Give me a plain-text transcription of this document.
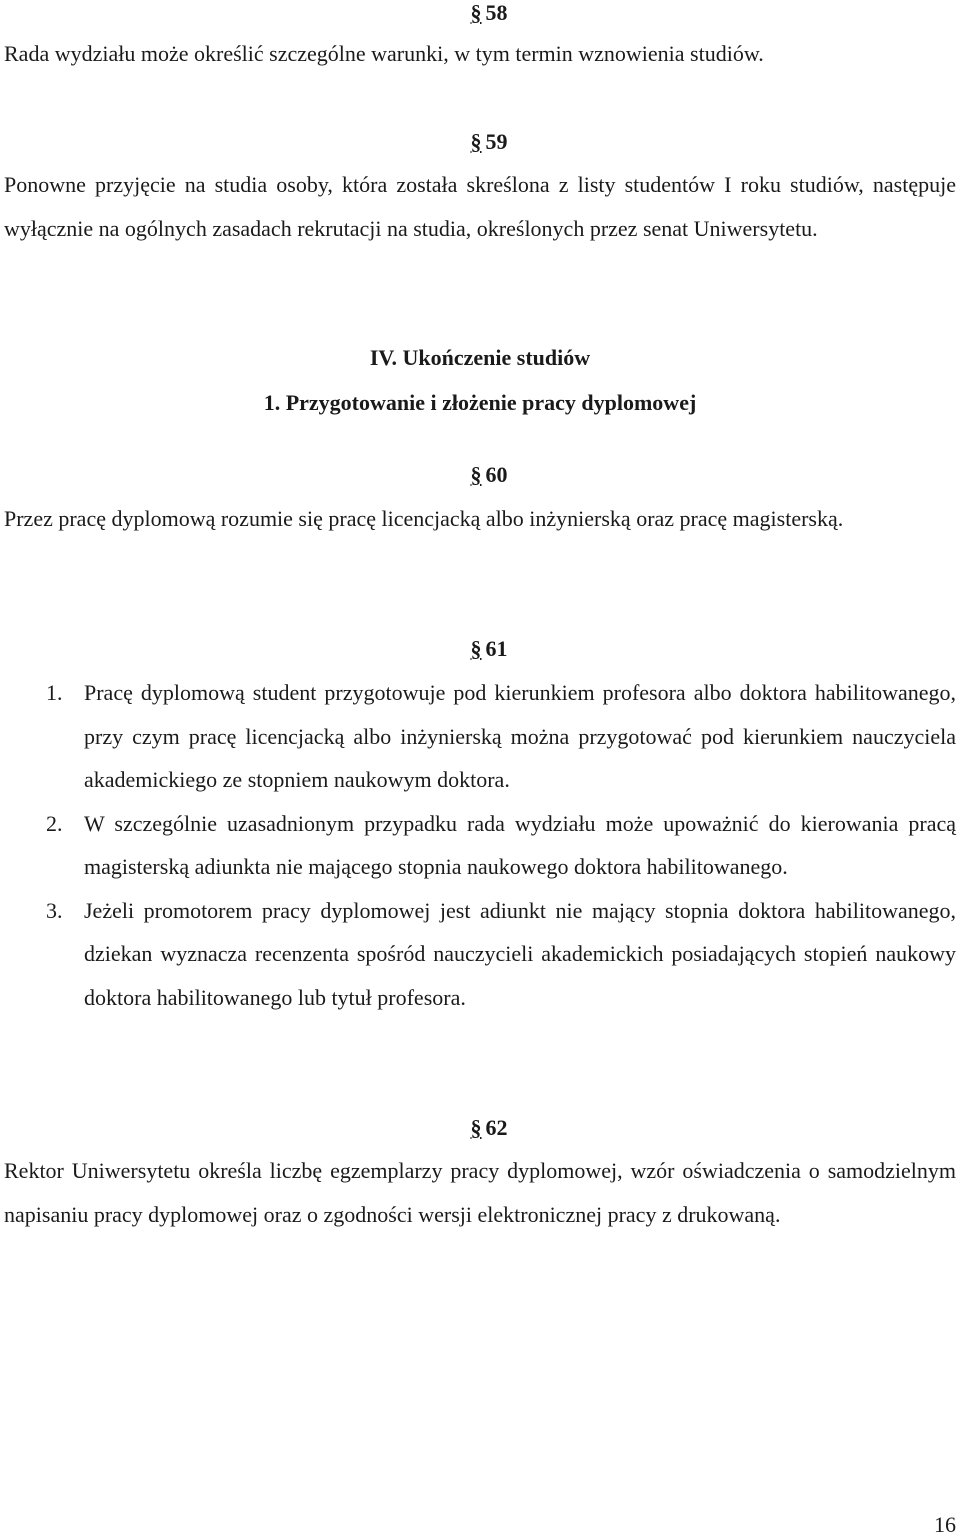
§ 58

Rada wydziału może określić szczególne warunki, w tym termin wznowienia studiów.

§ 59

Ponowne przyjęcie na studia osoby, która została skreślona z listy studentów I roku studiów, następuje wyłącznie na ogólnych zasadach rekrutacji na studia, określonych przez senat Uniwersytetu.

IV. Ukończenie studiów
1. Przygotowanie i złożenie pracy dyplomowej
§ 60

Przez pracę dyplomową rozumie się pracę licencjacką albo inżynierską oraz pracę magisterską.

§ 61
1. Pracę dyplomową student przygotowuje pod kierunkiem profesora albo doktora habilitowanego, przy czym pracę licencjacką albo inżynierską można przygotować pod kierunkiem nauczyciela akademickiego ze stopniem naukowym doktora.
2. W szczególnie uzasadnionym przypadku rada wydziału może upoważnić do kierowania pracą magisterską adiunkta nie mającego stopnia naukowego doktora habilitowanego.
3. Jeżeli promotorem pracy dyplomowej jest adiunkt nie mający stopnia doktora habilitowanego, dziekan wyznacza recenzenta spośród nauczycieli akademickich posiadających stopień naukowy doktora habilitowanego lub tytuł profesora.
§ 62

Rektor Uniwersytetu określa liczbę egzemplarzy pracy dyplomowej, wzór oświadczenia o samodzielnym napisaniu pracy dyplomowej oraz o zgodności wersji elektronicznej pracy z drukowaną.

16
